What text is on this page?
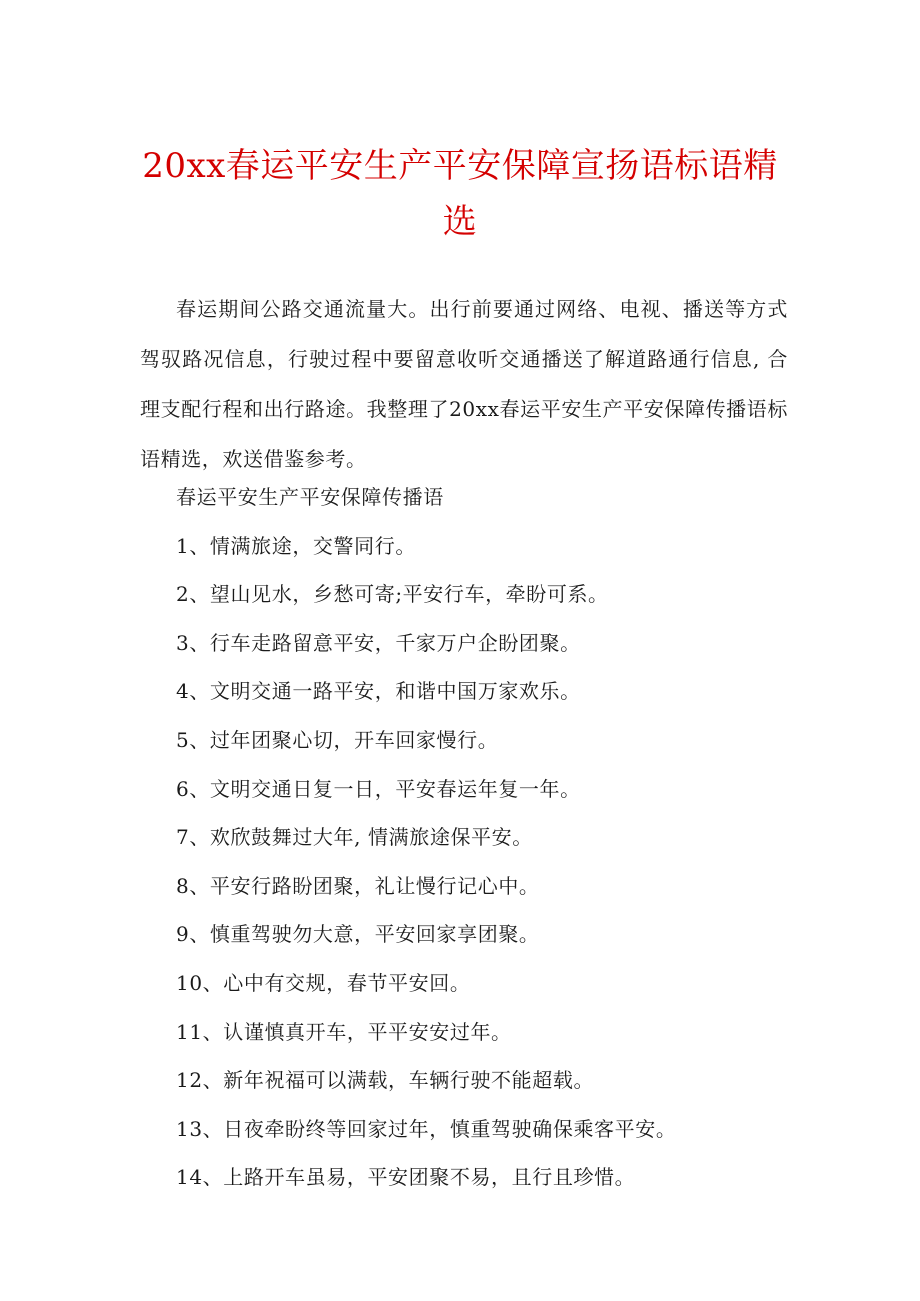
20xx春运平安生产平安保障宣扬语标语精
选

春运期间公路交通流量大。出行前要通过网络、电视、播送等方式驾驭路况信息，行驶过程中要留意收听交通播送了解道路通行信息, 合理支配行程和出行路途。我整理了20xx春运平安生产平安保障传播语标语精选，欢送借鉴参考。

春运平安生产平安保障传播语
1、情满旅途，交警同行。
2、望山见水，乡愁可寄;平安行车，牵盼可系。
3、行车走路留意平安，千家万户企盼团聚。
4、文明交通一路平安，和谐中国万家欢乐。
5、过年团聚心切，开车回家慢行。
6、文明交通日复一日，平安春运年复一年。
7、欢欣鼓舞过大年, 情满旅途保平安。
8、平安行路盼团聚，礼让慢行记心中。
9、慎重驾驶勿大意，平安回家享团聚。
10、心中有交规，春节平安回。
11、认谨慎真开车，平平安安过年。
12、新年祝福可以满载，车辆行驶不能超载。
13、日夜牵盼终等回家过年，慎重驾驶确保乘客平安。
14、上路开车虽易，平安团聚不易，且行且珍惜。
